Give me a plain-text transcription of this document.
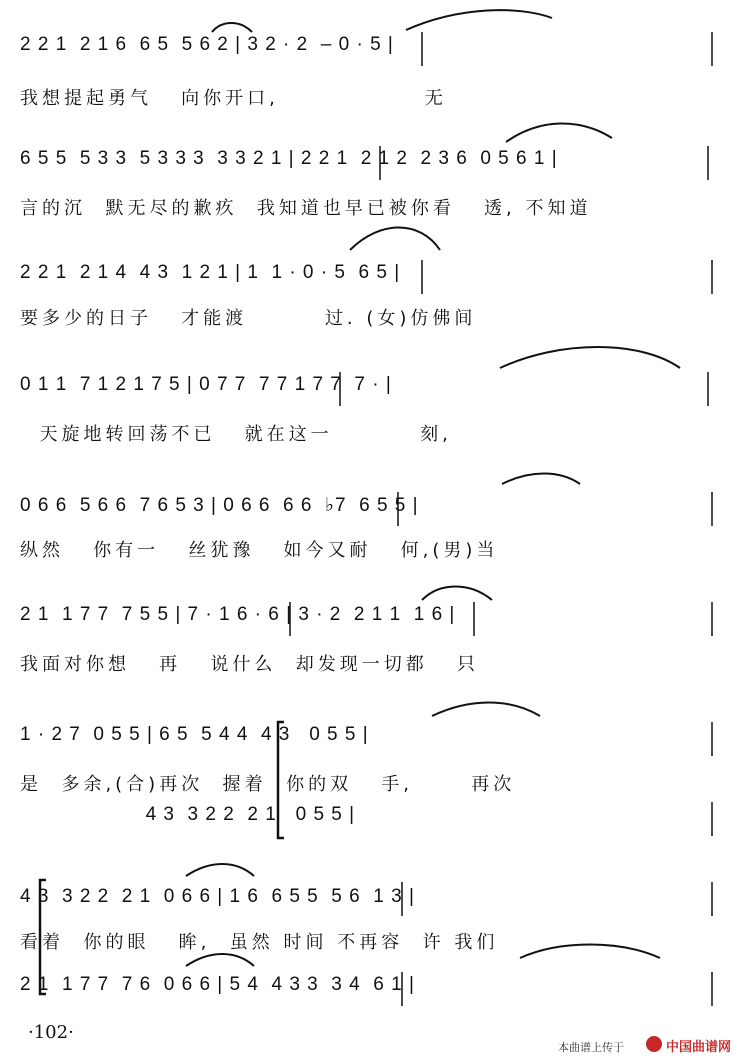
2 2 1  2 1 6  6 5  5 6 2 | 3 2 · 2  – 0 · 5 |
我想提起勇气   向你开口,               无
6 5 5  5 3 3  5 3 3 3  3 3 2 1 | 2 2 1  2 1 2  2 3 6  0 5 6 1 |
言的沉  默无尽的歉疚  我知道也早已被你看   透, 不知道
2 2 1  2 1 4  4 3  1 2 1 | 1  1 · 0 · 5  6 5 |
要多少的日子   才能渡        过. (女)仿佛间
0 1 1  7 1 2 1 7 5 | 0 7 7  7 7 1 7 7  7 · |
天旋地转回荡不已   就在这一         刻,
0 6 6  5 6 6  7 6 5 3 | 0 6 6  6 6  ♭7  6 5 5 |
纵然   你有一   丝犹豫   如今又耐   何,(男)当
2 1  1 7 7  7 5 5 | 7 · 1 6 · 6 | 3 · 2  2 1 1  1 6 |
我面对你想   再   说什么  却发现一切都   只
1 · 2 7  0 5 5 | 6 5  5 4 4  4 3   0 5 5 |
是  多余,(合)再次  握着  你的双   手,      再次
4 3  3 2 2  2 1   0 5 5 |
4 3  3 2 2  2 1  0 6 6 | 1 6  6 5 5  5 6  1 3 |
看着  你的眼   眸,  虽然 时间 不再容  许 我们
2 1  1 7 7  7 6  0 6 6 | 5 4  4 3 3  3 4  6 1 |
·102·
本曲谱上传于	中国曲谱网
